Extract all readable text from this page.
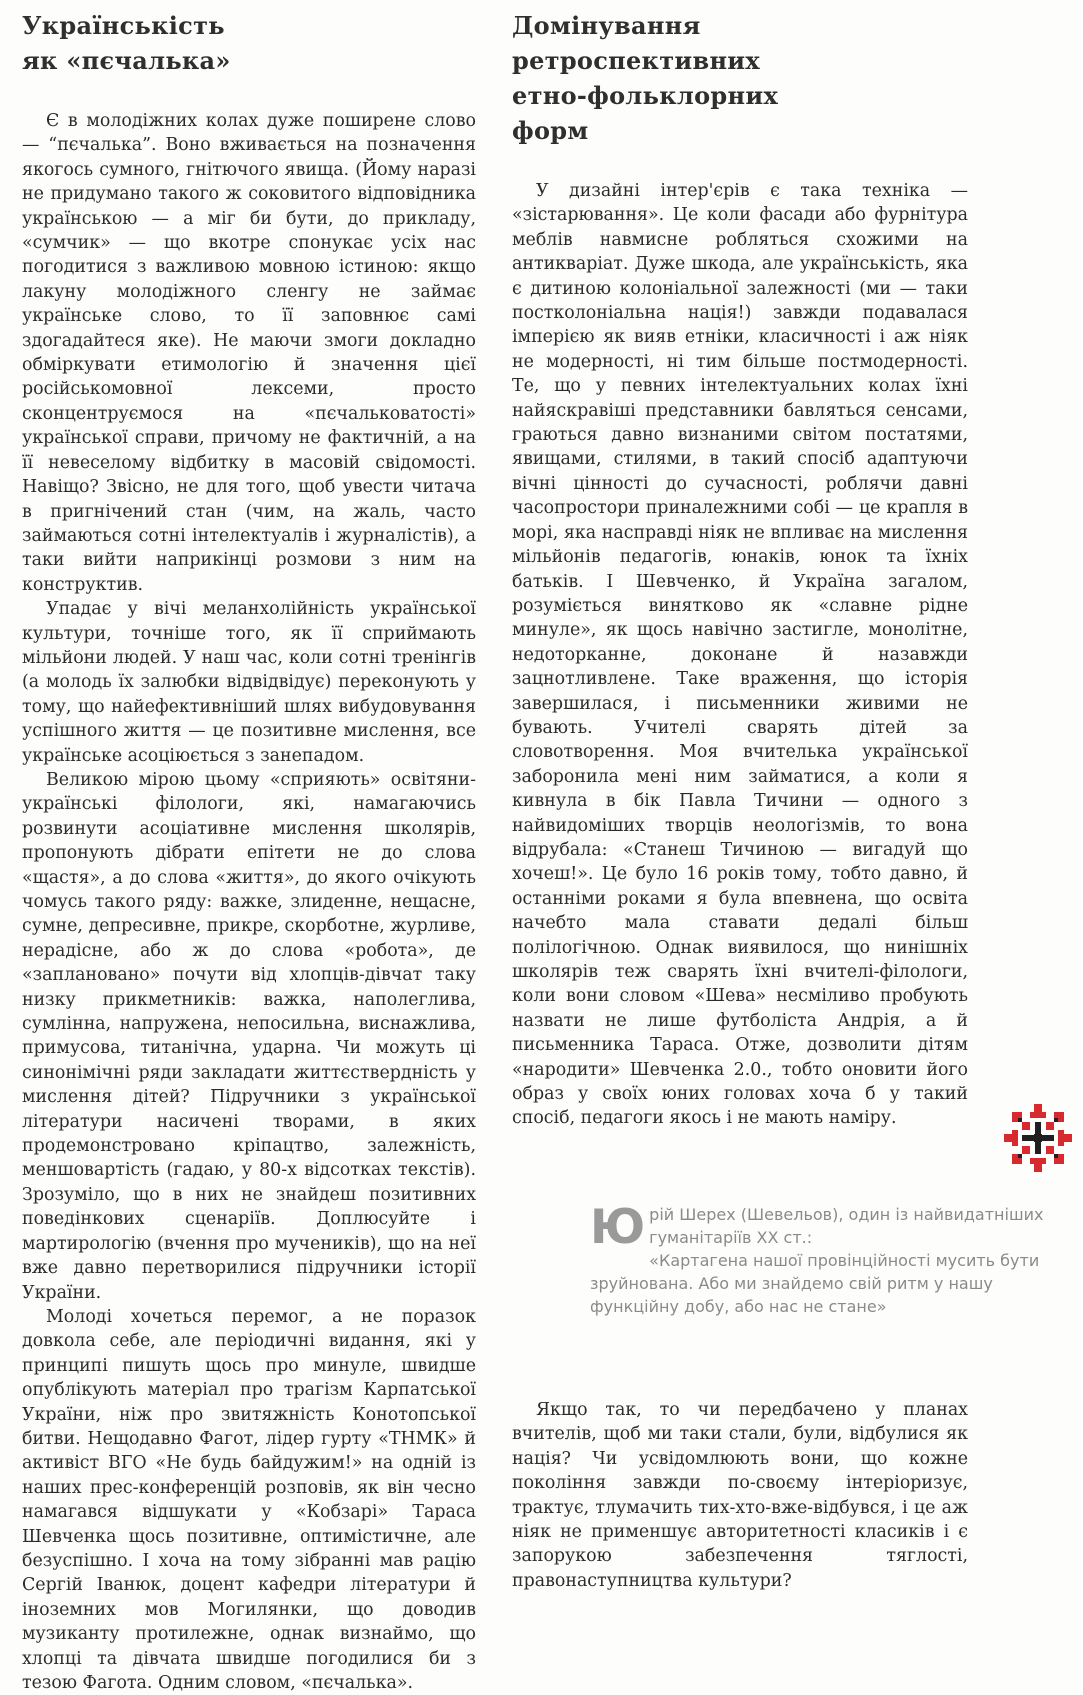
Українськість
як «пєчалька»

Є в молодіжних колах дуже поширене слово — “пєчалька”. Воно вживається на позначення якогось сумного, гнітючого явища. (Йому наразі не придумано такого ж соковитого відповідника українською — а міг би бути, до прикладу, «сумчик» — що вкотре спонукає усіх нас погодитися з важливою мовною істиною: якщо лакуну молодіжного сленгу не займає українське слово, то її заповнює самі здогадайтеся яке). Не маючи змоги докладно обміркувати етимологію й значення цієї російськомовної лексеми, просто сконцентруємося на «пєчальковатості» української справи, причому не фактичній, а на її невеселому відбитку в масовій свідомості. Навіщо? Звісно, не для того, щоб увести читача в пригнічений стан (чим, на жаль, часто займаються сотні інтелектуалів і журналістів), а таки вийти наприкінці розмови з ним на конструктив.

Упадає у вічі меланхолійність української культури, точніше того, як її сприймають мільйони людей. У наш час, коли сотні тренінгів (а молодь їх залюбки відвідвідує) переконують у тому, що найефективніший шлях вибудовування успішного життя — це позитивне мислення, все українське асоціюється з занепадом.

Великою мірою цьому «сприяють» освітяни-українські філологи, які, намагаючись розвинути асоціативне мислення школярів, пропонують дібрати епітети не до слова «щастя», а до слова «життя», до якого очікують чомусь такого ряду: важке, злиденне, нещасне, сумне, депресивне, прикре, скорботне, журливе, нерадісне, або ж до слова «робота», де «заплановано» почути від хлопців-дівчат таку низку прикметників: важка, наполеглива, сумлінна, напружена, непосильна, виснажлива, примусова, титанічна, ударна. Чи можуть ці синонімічні ряди закладати життєствердність у мислення дітей? Підручники з української літератури насичені творами, в яких продемонстровано кріпацтво, залежність, меншовартість (гадаю, у 80-х відсотках текстів). Зрозуміло, що в них не знайдеш позитивних поведінкових сценаріїв. Доплюсуйте і мартирологію (вчення про мучеників), що на неї вже давно перетворилися підручники історії України.

Молоді хочеться перемог, а не поразок довкола себе, але періодичні видання, які у принципі пишуть щось про минуле, швидше опублікують матеріал про трагізм Карпатської України, ніж про звитяжність Конотопської битви. Нещодавно Фагот, лідер гурту «ТНМК» й активіст ВГО «Не будь байдужим!» на одній із наших прес-конференцій розповів, як він чесно намагався відшукати у «Кобзарі» Тараса Шевченка щось позитивне, оптимістичне, але безуспішно. І хоча на тому зібранні мав рацію Сергій Іванюк, доцент кафедри літератури й іноземних мов Могилянки, що доводив музиканту протилежне, однак визнаймо, що хлопці та дівчата швидше погодилися би з тезою Фагота. Одним словом, «пєчалька».

Домінування
ретроспективних
етно-фольклорних
форм

У дизайні інтер'єрів є така техніка — «зістарювання». Це коли фасади або фурнітура меблів навмисне робляться схожими на антикваріат. Дуже шкода, але українськість, яка є дитиною колоніальної залежності (ми — таки постколоніальна нація!) завжди подавалася імперією як вияв етніки, класичності і аж ніяк не модерності, ні тим більше постмодерності. Те, що у певних інтелектуальних колах їхні найяскравіші представники бавляться сенсами, граються давно визнаними світом постатями, явищами, стилями, в такий спосіб адаптуючи вічні цінності до сучасності, роблячи давні часопростори приналежними собі — це крапля в морі, яка насправді ніяк не впливає на мислення мільйонів педагогів, юнаків, юнок та їхніх батьків. І Шевченко, й Україна загалом, розуміється винятково як «славне рідне минуле», як щось навічно застигле, монолітне, недоторканне, доконане й назавжди зацнотливлене. Таке враження, що історія завершилася, і письменники живими не бувають. Учителі сварять дітей за словотворення. Моя вчителька української заборонила мені ним займатися, а коли я кивнула в бік Павла Тичини — одного з найвидоміших творців неологізмів, то вона відрубала: «Станеш Тичиною — вигадуй що хочеш!». Це було 16 років тому, тобто давно, й останніми роками я була впевнена, що освіта начебто мала ставати дедалі більш полілогічною. Однак виявилося, що нинішніх школярів теж сварять їхні вчителі-філологи, коли вони словом «Шева» несміливо пробують назвати не лише футболіста Андрія, а й письменника Тараса. Отже, дозволити дітям «народити» Шевченка 2.0., тобто оновити його образ у своїх юних головах хоча б у такий спосіб, педагоги якось і не мають наміру.

Ю рій Шерех (Шевельов), один із найвидатніших гуманітаріїв ХХ ст.:
«Картагена нашої провінційності мусить бути зруйнована. Або ми знайдемо свій ритм у нашу функційну добу, або нас не стане»

Якщо так, то чи передбачено у планах вчителів, щоб ми таки стали, були, відбулися як нація? Чи усвідомлюють вони, що кожне покоління завжди по-своєму інтеріоризує, трактує, тлумачить тих-хто-вже-відбувся, і це аж ніяк не применшує авторитетності класиків і є запорукою забезпечення тяглості, правонаступництва культури?
